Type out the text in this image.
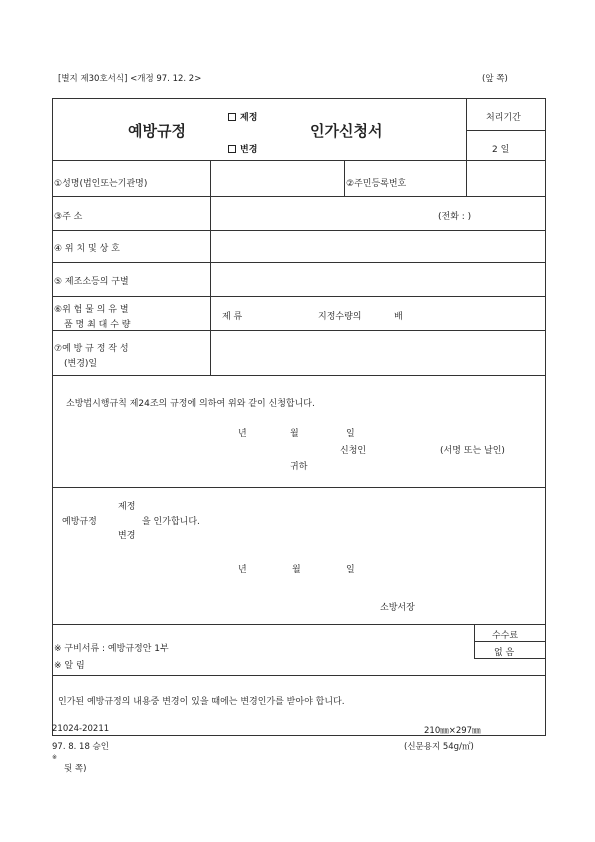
[별지 제30호서식] <개정 97. 12. 2>	(앞 쪽)
예방규정
제정
변경
인가신청서
처리기간
2 일
①성명(법인또는기관명)	②주민등록번호
③주 소	(전화 : )
④ 위 치 및 상 호
⑤ 제조소등의 구별
⑥위 험 물 의 유 별
품 명 최 대 수 량
제 류	지정수량의	배
⑦예 방 규 정 작 성
(변경)일
소방법시행규칙 제24조의 규정에 의하여 위와 같이 신청합니다.
년	월	일
신청인	(서명 또는 날인)
귀하
제정
예방규정	을 인가합니다.
변경
년	월	일
소방서장
수수료
없 음
※ 구비서류 : 예방규정안 1부
※ 알 림
인가된 예방규정의 내용중 변경이 있을 때에는 변경인가를 받아야 합니다.
21024-20211
97. 8. 18 승인
210㎜×297㎜
(신문용지 54g/㎡)
※
뒷 쪽)
